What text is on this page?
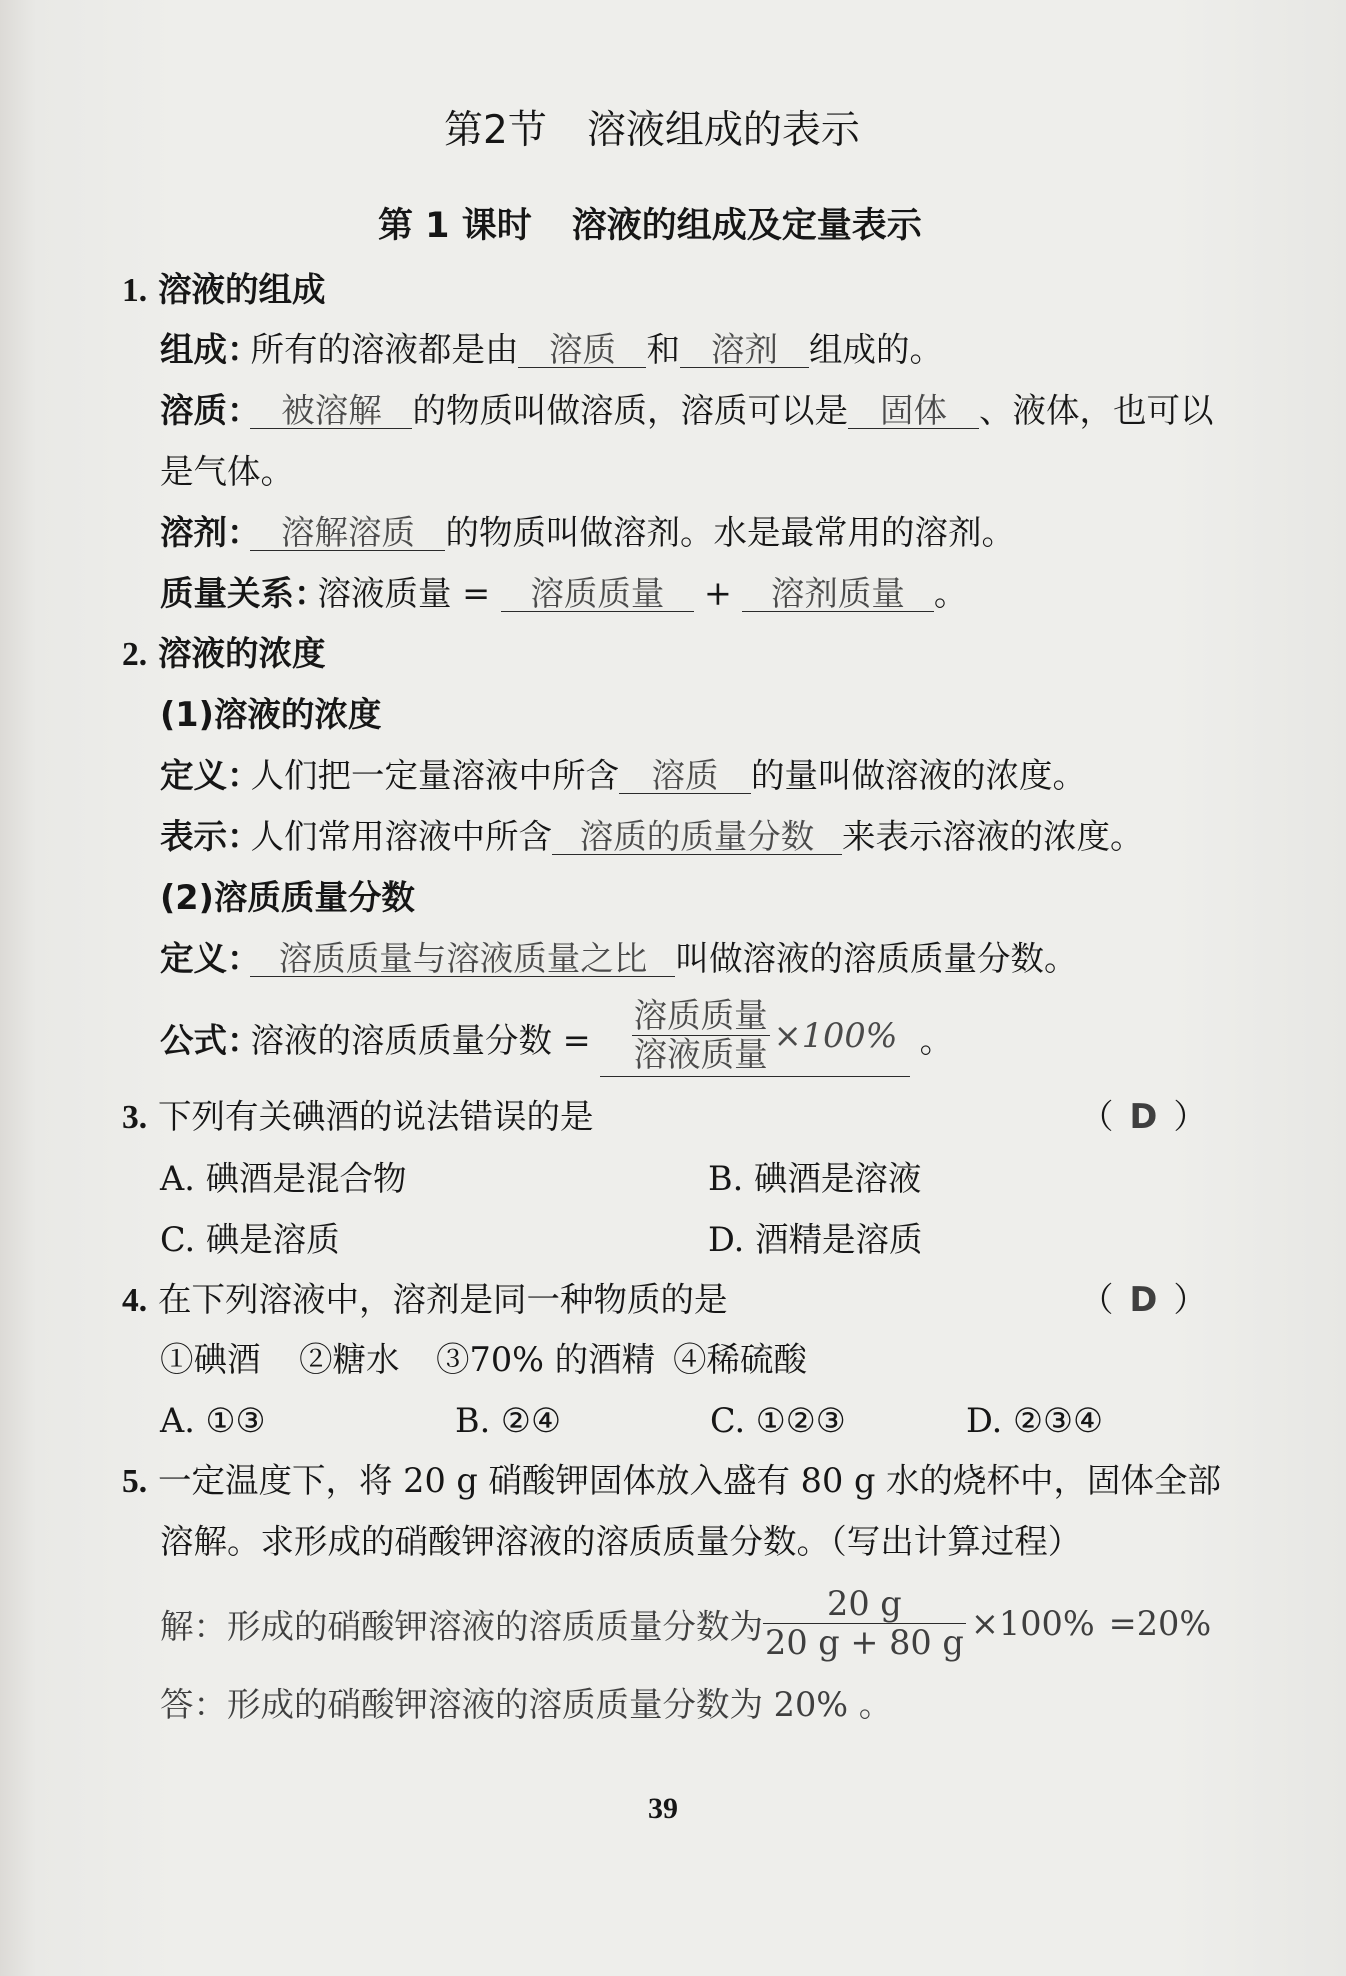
第2节 溶液组成的表示
第 1 课时 溶液的组成及定量表示
1. 溶液的组成
组成：所有的溶液都是由 溶质 和 溶剂 组成的。
溶质： 被溶解 的物质叫做溶质，溶质可以是 固体 、液体，也可以
是气体。
溶剂： 溶解溶质 的物质叫做溶剂。水是最常用的溶剂。
质量关系：溶液质量 = 溶质质量 + 溶剂质量 。
2. 溶液的浓度
(1)溶液的浓度
定义：人们把一定量溶液中所含 溶质 的量叫做溶液的浓度。
表示：人们常用溶液中所含 溶质的质量分数 来表示溶液的浓度。
(2)溶质质量分数
定义： 溶质质量与溶液质量之比 叫做溶液的溶质质量分数。
公式：
溶液的溶质质量分数 = $\frac{\text{溶质质量}}{\text{溶液质量}} \times 100\%$ 。
3. 下列有关碘酒的说法错误的是	（ D ）
A. 碘酒是混合物	B. 碘酒是溶液
C. 碘是溶质	D. 酒精是溶质
4. 在下列溶液中，溶剂是同一种物质的是	（ D ）
①碘酒 ②糖水 ③70% 的酒精 ④稀硫酸
A. ①③	B. ②④	C. ①②③	D. ②③④
5. 一定温度下，将 20 g 硝酸钾固体放入盛有 80 g 水的烧杯中，固体全部
溶解。求形成的硝酸钾溶液的溶质质量分数。（写出计算过程）
解：形成的硝酸钾溶液的溶质质量分数为 $\frac{20 g}{20 g + 80 g} \times 100\% =20\%$
答：形成的硝酸钾溶液的溶质质量分数为 20% 。
39
